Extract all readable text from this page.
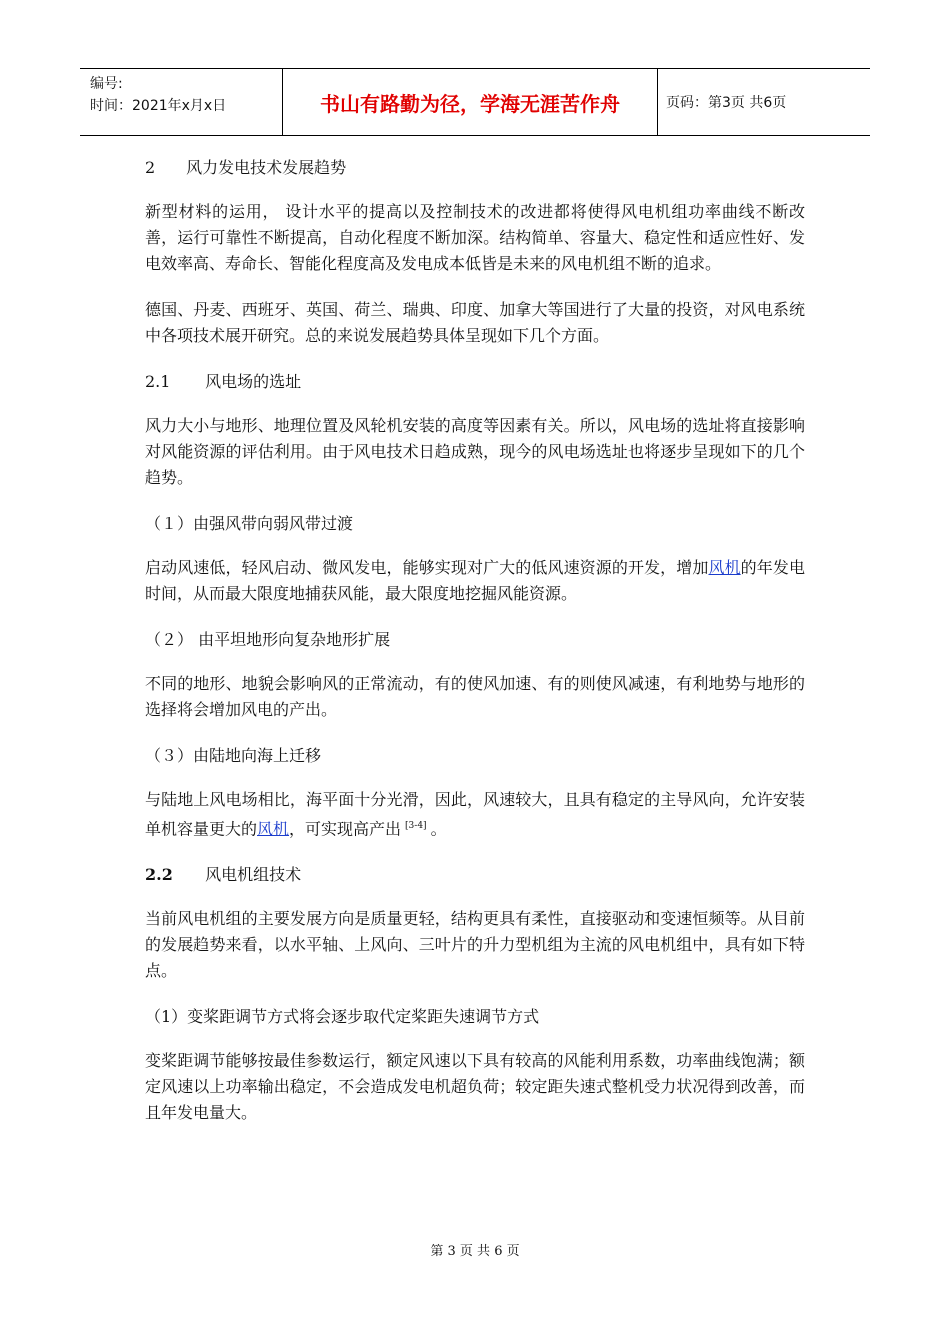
编号:
时间：2021年x月x日	书山有路勤为径，学海无涯苦作舟	页码：第3页 共6页
2 风力发电技术发展趋势

新型材料的运用， 设计水平的提高以及控制技术的改进都将使得风电机组功率曲线不断改善，运行可靠性不断提高，自动化程度不断加深。结构简单、容量大、稳定性和适应性好、发电效率高、寿命长、智能化程度高及发电成本低皆是未来的风电机组不断的追求。

德国、丹麦、西班牙、英国、荷兰、瑞典、印度、加拿大等国进行了大量的投资，对风电系统中各项技术展开研究。总的来说发展趋势具体呈现如下几个方面。

2.1 风电场的选址

风力大小与地形、地理位置及风轮机安装的高度等因素有关。所以，风电场的选址将直接影响对风能资源的评估利用。由于风电技术日趋成熟，现今的风电场选址也将逐步呈现如下的几个趋势。

（１）由强风带向弱风带过渡

启动风速低，轻风启动、微风发电，能够实现对广大的低风速资源的开发，增加风机的年发电时间，从而最大限度地捕获风能，最大限度地挖掘风能资源。

（２） 由平坦地形向复杂地形扩展

不同的地形、地貌会影响风的正常流动，有的使风加速、有的则使风减速，有利地势与地形的选择将会增加风电的产出。

（３）由陆地向海上迁移

与陆地上风电场相比，海平面十分光滑，因此，风速较大，且具有稳定的主导风向，允许安装单机容量更大的风机，可实现高产出 [3-4] 。

2.2 风电机组技术

当前风电机组的主要发展方向是质量更轻，结构更具有柔性，直接驱动和变速恒频等。从目前的发展趋势来看，以水平轴、上风向、三叶片的升力型机组为主流的风电机组中，具有如下特点。

（1）变桨距调节方式将会逐步取代定桨距失速调节方式

变桨距调节能够按最佳参数运行，额定风速以下具有较高的风能利用系数，功率曲线饱满；额定风速以上功率输出稳定，不会造成发电机超负荷；较定距失速式整机受力状况得到改善，而且年发电量大。

第 3 页 共 6 页
